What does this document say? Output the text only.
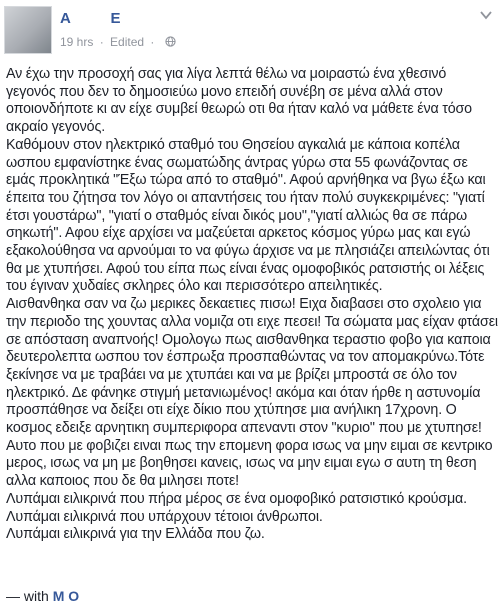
A E
19 hrs · Edited ·

Αν έχω την προσοχή σας για λίγα λεπτά θέλω να μοιραστώ ένα χθεσινό γεγονός που δεν το δημοσιεύω μονο επειδή συνέβη σε μένα αλλά στον οποιονδήποτε κι αν είχε συμβεί θεωρώ οτι θα ήταν καλό να μάθετε ένα τόσο ακραίο γεγονός.

Καθόμουν στον ηλεκτρικό σταθμό του Θησείου αγκαλιά με κάποια κοπέλα ωσπου εμφανίστηκε ένας σωματώδης άντρας γύρω στα 55 φωνάζοντας σε εμάς προκλητικά "Έξω τώρα από το σταθμό". Αφού αρνήθηκα να βγω έξω και έπειτα του ζήτησα τον λόγο οι απαντήσεις του ήταν πολύ συγκεκριμένες: "γιατί έτσι γουστάρω", "γιατί ο σταθμός είναι δικός μου","γιατί αλλιώς θα σε πάρω σηκωτή". Αφου είχε αρχίσει να μαζεύεται αρκετος κόσμος γύρω μας και εγώ εξακολούθησα να αρνούμαι το να φύγω άρχισε να με πλησιάζει απειλώντας ότι θα με χτυπήσει. Αφού του είπα πως είναι ένας ομοφοβικός ρατσιστής οι λέξεις του έγιναν χυδαίες σκληρες όλο και περισσότερο απειλητικές.

Αισθανθηκα σαν να ζω μερικες δεκαετιες πισω! Ειχα διαβασει στο σχολειο για την περιοδο της χουντας αλλα νομιζα οτι ειχε πεσει! Τα σώματα μας είχαν φτάσει σε απόσταση αναπνοής! Ομολογω πως αισθανθηκα τεραστιο φοβο για καποια δευτερολεπτα ωσπου τον έσπρωξα προσπαθώντας να τον απομακρύνω.Τότε ξεκίνησε να με τραβάει να με χτυπάει και να με βρίζει μπροστά σε όλο τον ηλεκτρικό. Δε φάνηκε στιγμή μετανιωμένος! ακόμα και όταν ήρθε η αστυνομία προσπάθησε να δείξει οτι είχε δίκιο που χτύπησε μια ανήλικη 17χρονη. Ο κοσμος εδειξε αρνητικη συμπεριφορα απεναντι στον "κυριο" που με χτυπησε! Αυτο που με φοβιζει ειναι πως την επομενη φορα ισως να μην ειμαι σε κεντρικο μερος, ισως να μη με βοηθησει κανεις, ισως να μην ειμαι εγω σ αυτη τη θεση αλλα καποιος που δε θα μιλησει ποτε!

Λυπάμαι ειλικρινά που πήρα μέρος σε ένα ομοφοβικό ρατσιστικό κρούσμα.

Λυπάμαι ειλικρινά που υπάρχουν τέτοιοι άνθρωποι.

Λυπάμαι ειλικρινά για την Ελλάδα που ζω.

— with M O
